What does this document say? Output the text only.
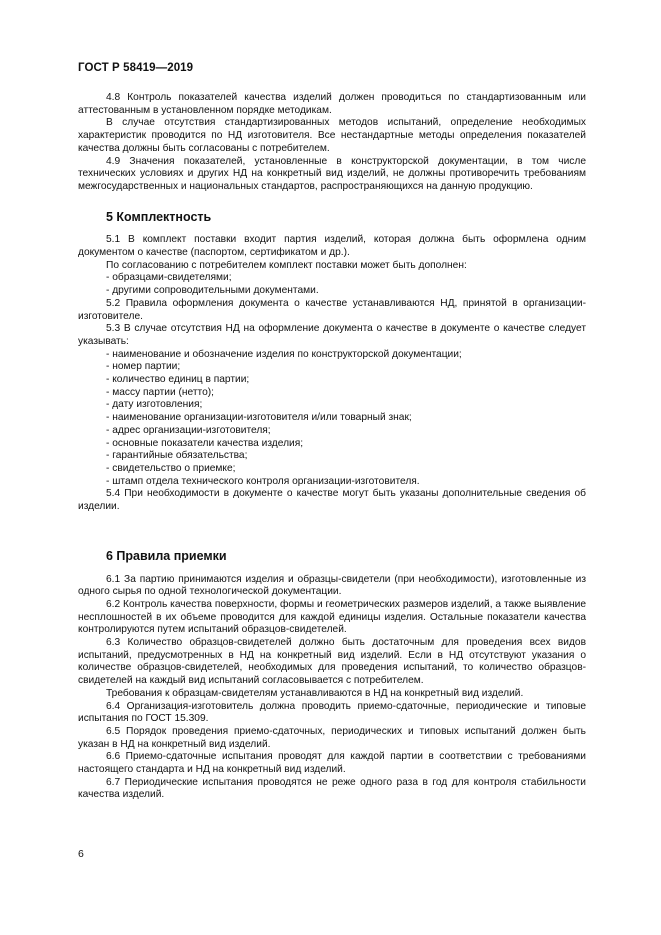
ГОСТ Р 58419—2019

4.8 Контроль показателей качества изделий должен проводиться по стандартизованным или аттестованным в установленном порядке методикам.

В случае отсутствия стандартизированных методов испытаний, определение необходимых характеристик проводится по НД изготовителя. Все нестандартные методы определения показателей качества должны быть согласованы с потребителем.

4.9 Значения показателей, установленные в конструкторской документации, в том числе технических условиях и других НД на конкретный вид изделий, не должны противоречить требованиям межгосударственных и национальных стандартов, распространяющихся на данную продукцию.

5 Комплектность

5.1 В комплект поставки входит партия изделий, которая должна быть оформлена одним документом о качестве (паспортом, сертификатом и др.).

По согласованию с потребителем комплект поставки может быть дополнен:

- образцами-свидетелями;
- другими сопроводительными документами.

5.2 Правила оформления документа о качестве устанавливаются НД, принятой в организации-изготовителе.

5.3 В случае отсутствия НД на оформление документа о качестве в документе о качестве следует указывать:

- наименование и обозначение изделия по конструкторской документации;
- номер партии;
- количество единиц в партии;
- массу партии (нетто);
- дату изготовления;
- наименование организации-изготовителя и/или товарный знак;
- адрес организации-изготовителя;
- основные показатели качества изделия;
- гарантийные обязательства;
- свидетельство о приемке;
- штамп отдела технического контроля организации-изготовителя.

5.4 При необходимости в документе о качестве могут быть указаны дополнительные сведения об изделии.

6 Правила приемки

6.1 За партию принимаются изделия и образцы-свидетели (при необходимости), изготовленные из одного сырья по одной технологической документации.

6.2 Контроль качества поверхности, формы и геометрических размеров изделий, а также выявление несплошностей в их объеме проводится для каждой единицы изделия. Остальные показатели качества контролируются путем испытаний образцов-свидетелей.

6.3 Количество образцов-свидетелей должно быть достаточным для проведения всех видов испытаний, предусмотренных в НД на конкретный вид изделий. Если в НД отсутствуют указания о количестве образцов-свидетелей, необходимых для проведения испытаний, то количество образцов-свидетелей на каждый вид испытаний согласовывается с потребителем.

Требования к образцам-свидетелям устанавливаются в НД на конкретный вид изделий.

6.4 Организация-изготовитель должна проводить приемо-сдаточные, периодические и типовые испытания по ГОСТ 15.309.

6.5 Порядок проведения приемо-сдаточных, периодических и типовых испытаний должен быть указан в НД на конкретный вид изделий.

6.6 Приемо-сдаточные испытания проводят для каждой партии в соответствии с требованиями настоящего стандарта и НД на конкретный вид изделий.

6.7 Периодические испытания проводятся не реже одного раза в год для контроля стабильности качества изделий.

6
